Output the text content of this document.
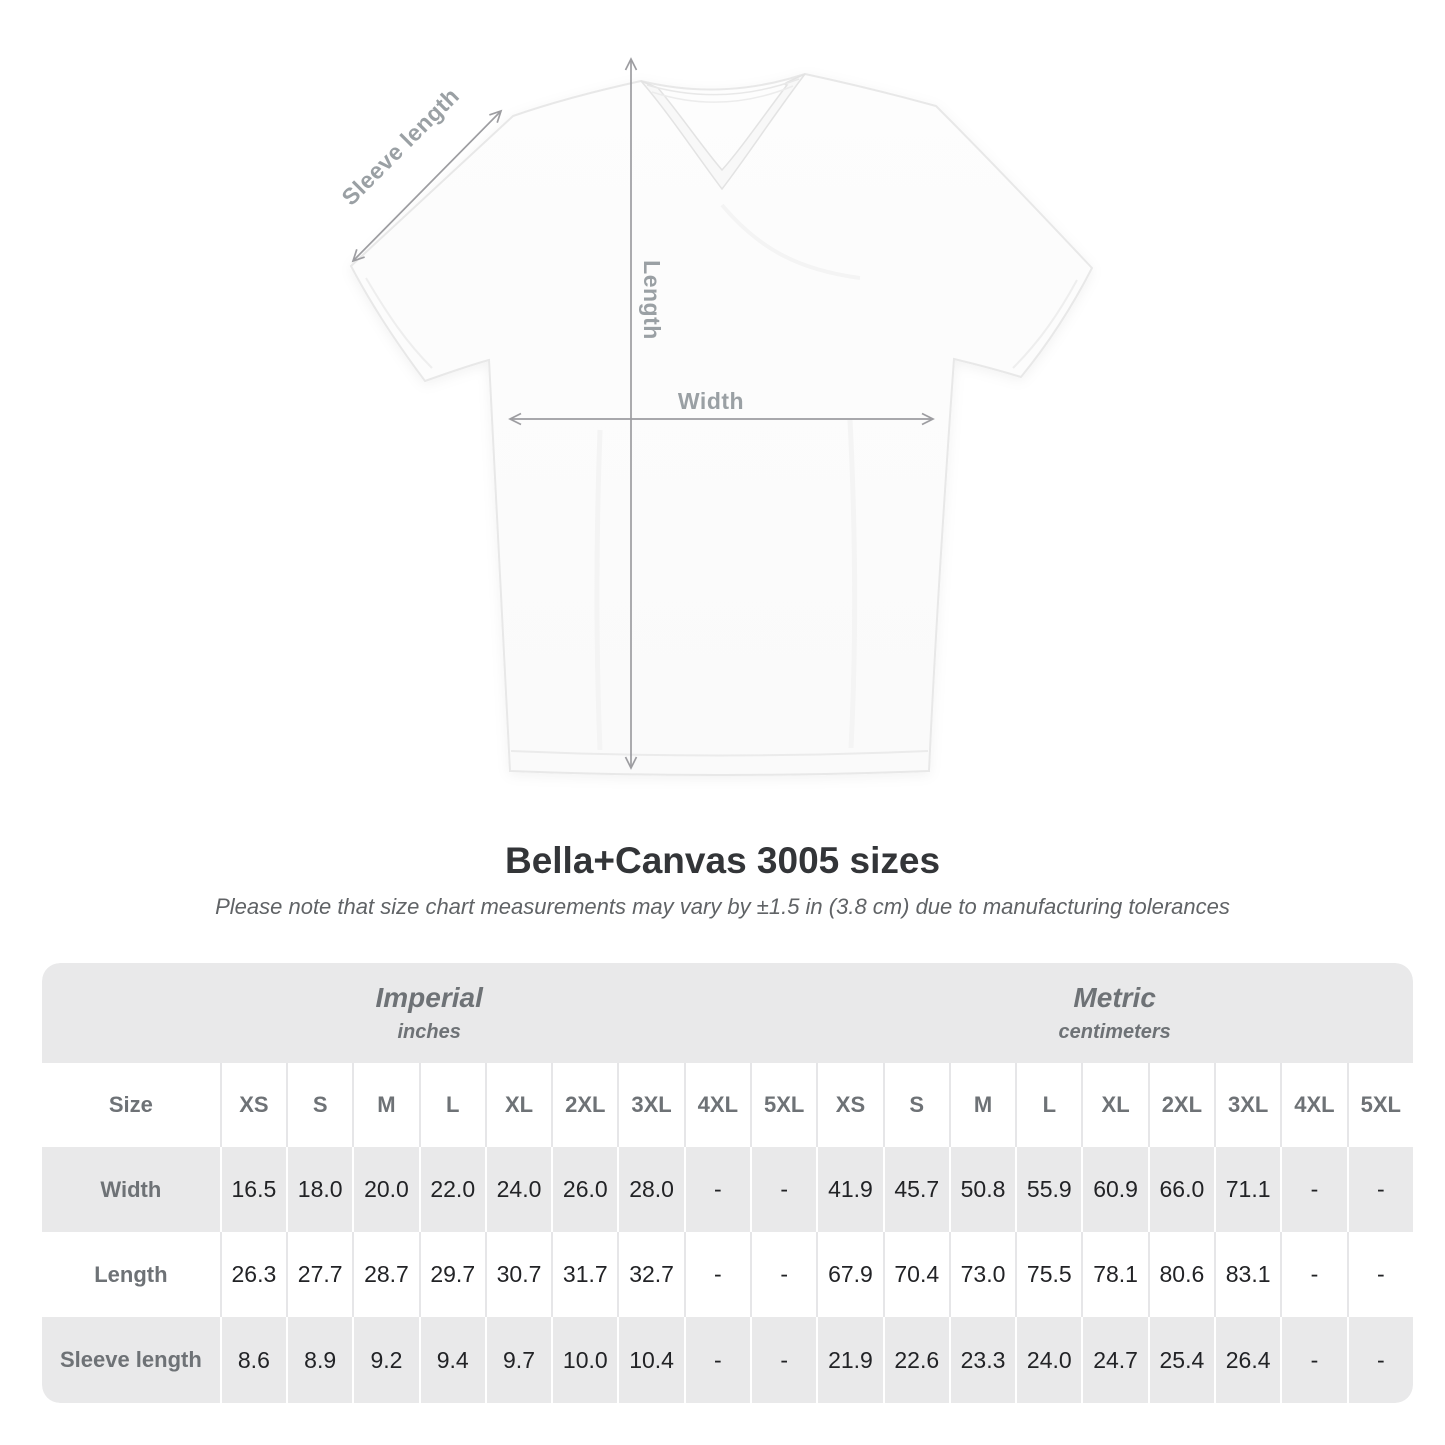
Sleeve length
Length
Width
Bella+Canvas 3005 sizes
Please note that size chart measurements may vary by ±1.5 in (3.8 cm) due to manufacturing tolerances
Imperial
inches

Metric
centimeters

Size	XS	S	M	L	XL	2XL	3XL	4XL	5XL	XS	S	M	L	XL	2XL	3XL	4XL	5XL
Width	16.5	18.0	20.0	22.0	24.0	26.0	28.0	-	-	41.9	45.7	50.8	55.9	60.9	66.0	71.1	-	-
Length	26.3	27.7	28.7	29.7	30.7	31.7	32.7	-	-	67.9	70.4	73.0	75.5	78.1	80.6	83.1	-	-
Sleeve length	8.6	8.9	9.2	9.4	9.7	10.0	10.4	-	-	21.9	22.6	23.3	24.0	24.7	25.4	26.4	-	-
